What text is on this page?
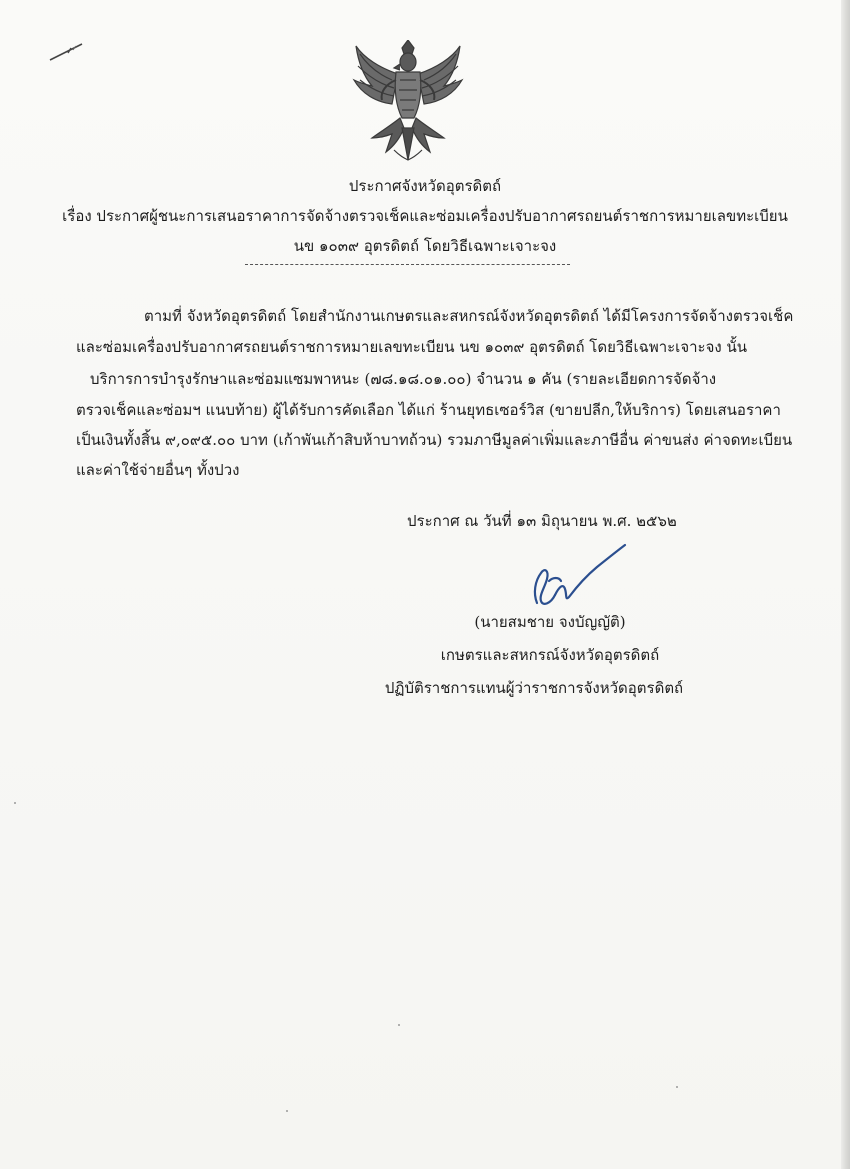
ประกาศจังหวัดอุตรดิตถ์
เรื่อง ประกาศผู้ชนะการเสนอราคาการจัดจ้างตรวจเช็คและซ่อมเครื่องปรับอากาศรถยนต์ราชการหมายเลขทะเบียน
นข ๑๐๓๙ อุตรดิตถ์ โดยวิธีเฉพาะเจาะจง
ตามที่ จังหวัดอุตรดิตถ์ โดยสำนักงานเกษตรและสหกรณ์จังหวัดอุตรดิตถ์ ได้มีโครงการจัดจ้างตรวจเช็ค
และซ่อมเครื่องปรับอากาศรถยนต์ราชการหมายเลขทะเบียน นข ๑๐๓๙ อุตรดิตถ์ โดยวิธีเฉพาะเจาะจง นั้น
บริการการบำรุงรักษาและซ่อมแซมพาหนะ (๗๘.๑๘.๐๑.๐๐) จำนวน ๑ คัน (รายละเอียดการจัดจ้าง
ตรวจเช็คและซ่อมฯ แนบท้าย) ผู้ได้รับการคัดเลือก ได้แก่ ร้านยุทธเซอร์วิส (ขายปลีก,ให้บริการ) โดยเสนอราคา
เป็นเงินทั้งสิ้น ๙,๐๙๕.๐๐ บาท (เก้าพันเก้าสิบห้าบาทถ้วน) รวมภาษีมูลค่าเพิ่มและภาษีอื่น ค่าขนส่ง ค่าจดทะเบียน
และค่าใช้จ่ายอื่นๆ ทั้งปวง
ประกาศ ณ วันที่ ๑๓ มิถุนายน พ.ศ. ๒๕๖๒
(นายสมชาย จงบัญญัติ)
เกษตรและสหกรณ์จังหวัดอุตรดิตถ์
ปฏิบัติราชการแทนผู้ว่าราชการจังหวัดอุตรดิตถ์
